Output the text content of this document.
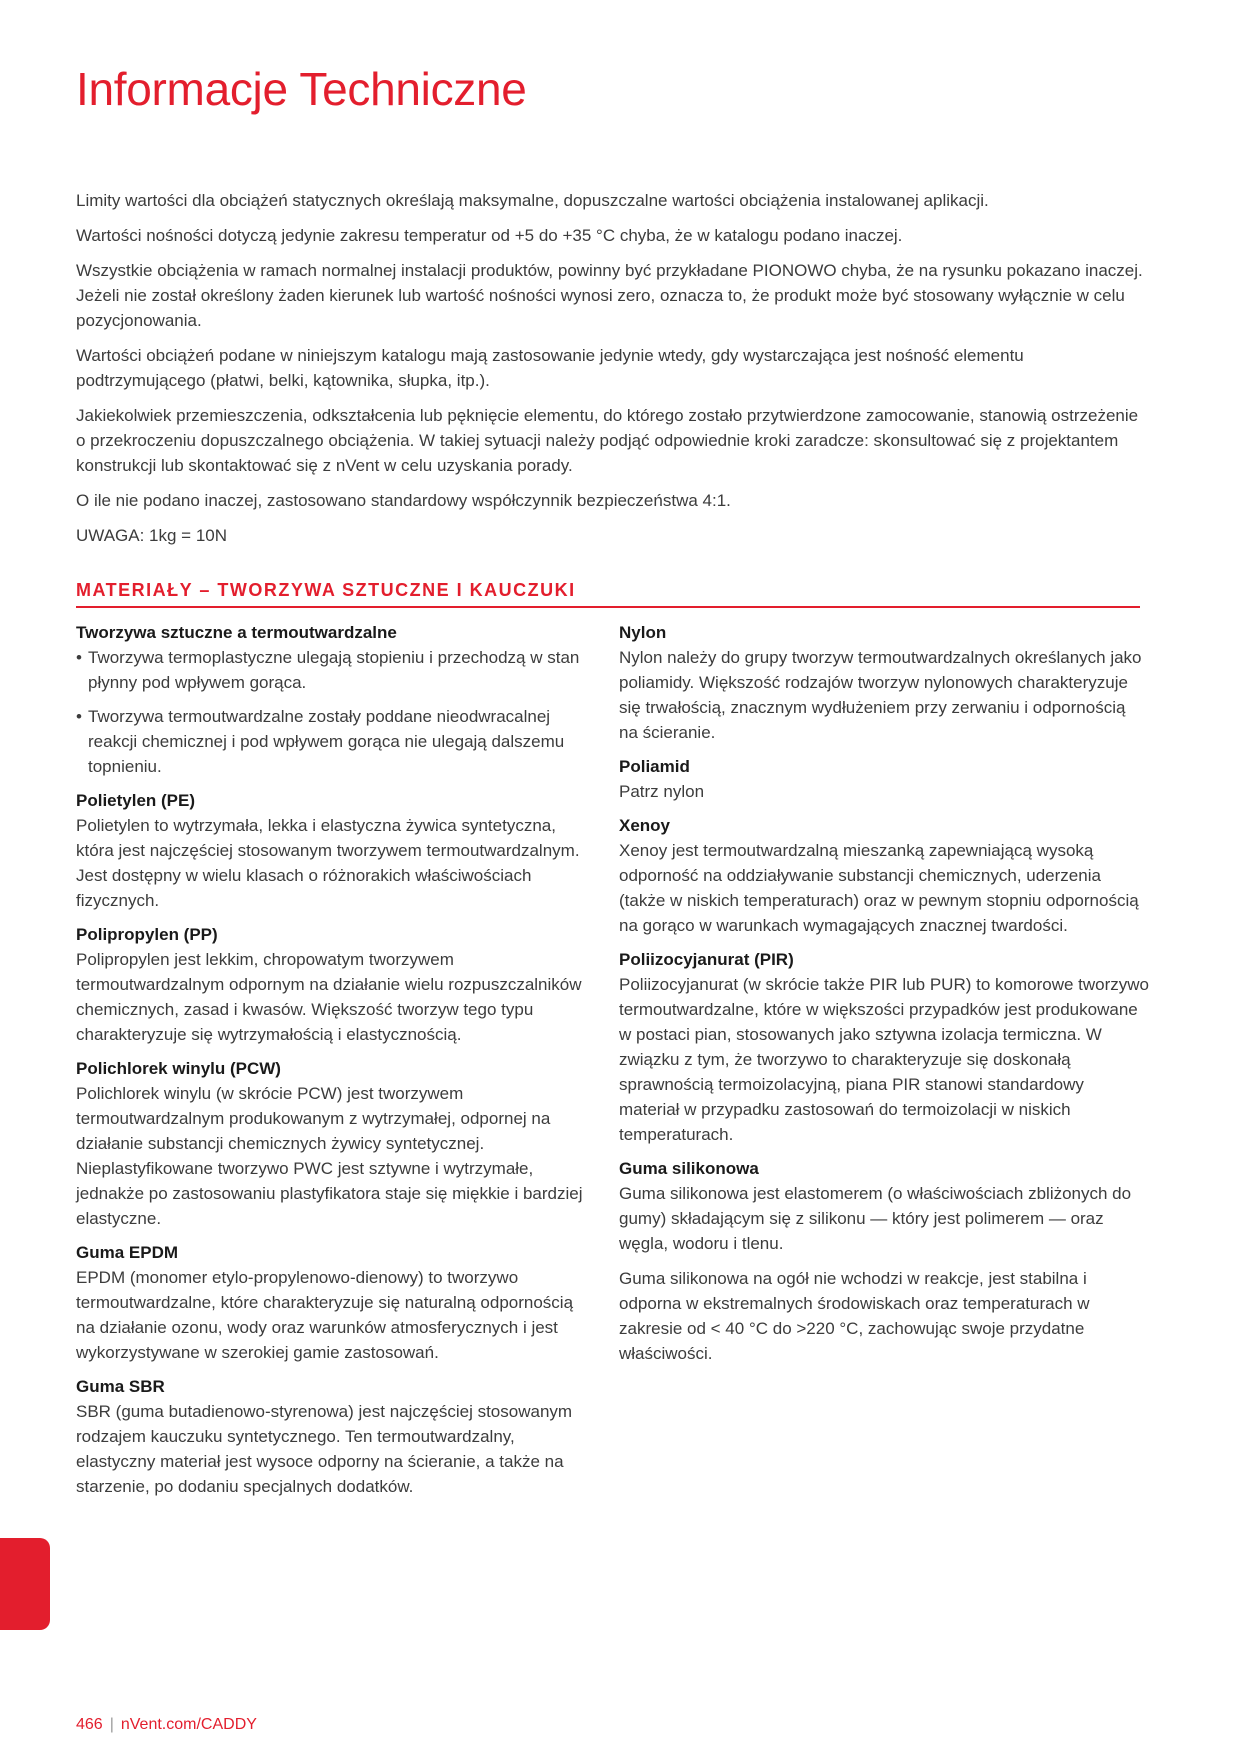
Informacje Techniczne

Limity wartości dla obciążeń statycznych określają maksymalne, dopuszczalne wartości obciążenia instalowanej aplikacji.

Wartości nośności dotyczą jedynie zakresu temperatur od +5 do +35 °C chyba, że w katalogu podano inaczej.

Wszystkie obciążenia w ramach normalnej instalacji produktów, powinny być przykładane PIONOWO chyba, że na rysunku pokazano inaczej. Jeżeli nie został określony żaden kierunek lub wartość nośności wynosi zero, oznacza to, że produkt może być stosowany wyłącznie w celu pozycjonowania.

Wartości obciążeń podane w niniejszym katalogu mają zastosowanie jedynie wtedy, gdy wystarczająca jest nośność elementu podtrzymującego (płatwi, belki, kątownika, słupka, itp.).

Jakiekolwiek przemieszczenia, odkształcenia lub pęknięcie elementu, do którego zostało przytwierdzone zamocowanie, stanowią ostrzeżenie o przekroczeniu dopuszczalnego obciążenia. W takiej sytuacji należy podjąć odpowiednie kroki zaradcze: skonsultować się z projektantem konstrukcji lub skontaktować się z nVent w celu uzyskania porady.

O ile nie podano inaczej, zastosowano standardowy współczynnik bezpieczeństwa 4:1.

UWAGA: 1kg = 10N

MATERIAŁY – TWORZYWA SZTUCZNE I KAUCZUKI
Tworzywa sztuczne a termoutwardzalne
• Tworzywa termoplastyczne ulegają stopieniu i przechodzą w stan płynny pod wpływem gorąca.
• Tworzywa termoutwardzalne zostały poddane nieodwracalnej reakcji chemicznej i pod wpływem gorąca nie ulegają dalszemu topnieniu.
Polietylen (PE)

Polietylen to wytrzymała, lekka i elastyczna żywica syntetyczna, która jest najczęściej stosowanym tworzywem termoutwardzalnym. Jest dostępny w wielu klasach o różnorakich właściwościach fizycznych.

Polipropylen (PP)

Polipropylen jest lekkim, chropowatym tworzywem termoutwardzalnym odpornym na działanie wielu rozpuszczalników chemicznych, zasad i kwasów. Większość tworzyw tego typu charakteryzuje się wytrzymałością i elastycznością.

Polichlorek winylu (PCW)

Polichlorek winylu (w skrócie PCW) jest tworzywem termoutwardzalnym produkowanym z wytrzymałej, odpornej na działanie substancji chemicznych żywicy syntetycznej. Nieplastyfikowane tworzywo PWC jest sztywne i wytrzymałe, jednakże po zastosowaniu plastyfikatora staje się miękkie i bardziej elastyczne.

Guma EPDM

EPDM (monomer etylo-propylenowo-dienowy) to tworzywo termoutwardzalne, które charakteryzuje się naturalną odpornością na działanie ozonu, wody oraz warunków atmosferycznych i jest wykorzystywane w szerokiej gamie zastosowań.

Guma SBR

SBR (guma butadienowo-styrenowa) jest najczęściej stosowanym rodzajem kauczuku syntetycznego. Ten termoutwardzalny, elastyczny materiał jest wysoce odporny na ścieranie, a także na starzenie, po dodaniu specjalnych dodatków.

Nylon

Nylon należy do grupy tworzyw termoutwardzalnych określanych jako poliamidy. Większość rodzajów tworzyw nylonowych charakteryzuje się trwałością, znacznym wydłużeniem przy zerwaniu i odpornością na ścieranie.

Poliamid

Patrz nylon

Xenoy

Xenoy jest termoutwardzalną mieszanką zapewniającą wysoką odporność na oddziaływanie substancji chemicznych, uderzenia (także w niskich temperaturach) oraz w pewnym stopniu odpornością na gorąco w warunkach wymagających znacznej twardości.

Poliizocyjanurat (PIR)

Poliizocyjanurat (w skrócie także PIR lub PUR) to komorowe tworzywo termoutwardzalne, które w większości przypadków jest produkowane w postaci pian, stosowanych jako sztywna izolacja termiczna. W związku z tym, że tworzywo to charakteryzuje się doskonałą sprawnością termoizolacyjną, piana PIR stanowi standardowy materiał w przypadku zastosowań do termoizolacji w niskich temperaturach.

Guma silikonowa

Guma silikonowa jest elastomerem (o właściwościach zbliżonych do gumy) składającym się z silikonu — który jest polimerem — oraz węgla, wodoru i tlenu.

Guma silikonowa na ogół nie wchodzi w reakcje, jest stabilna i odporna w ekstremalnych środowiskach oraz temperaturach w zakresie od < 40 °C do >220 °C, zachowując swoje przydatne właściwości.

466 | nVent.com/CADDY
